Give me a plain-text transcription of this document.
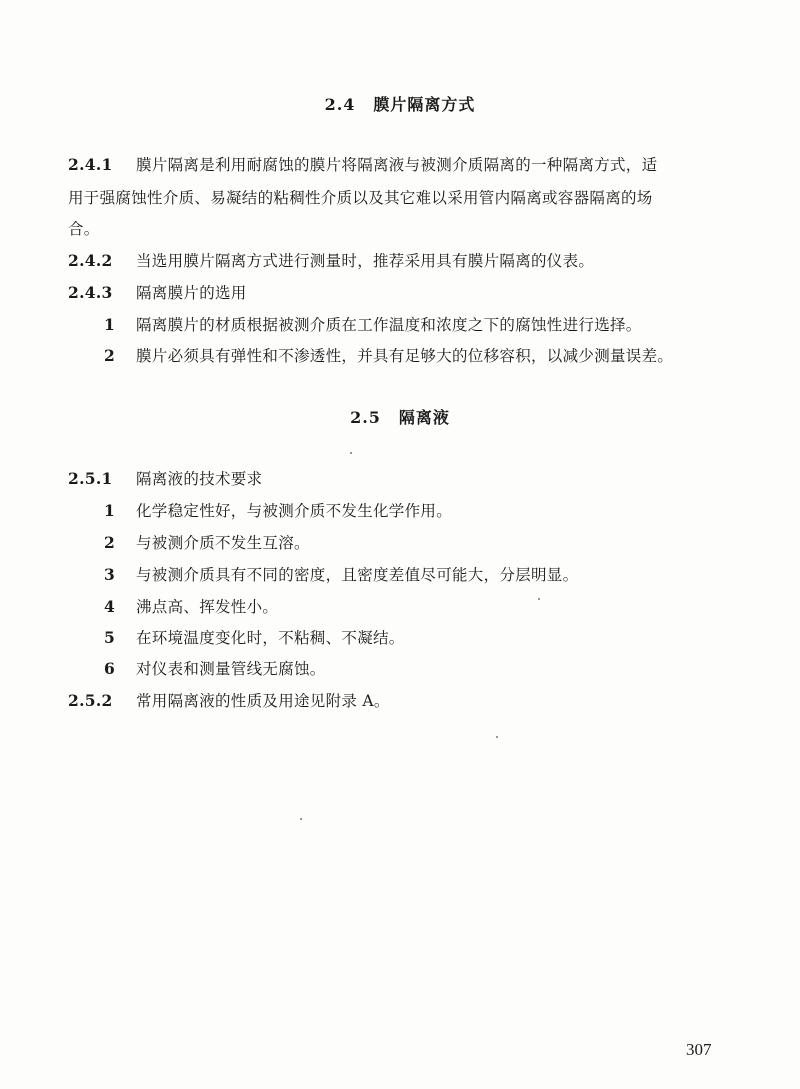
2.4 膜片隔离方式
2.4.1 膜片隔离是利用耐腐蚀的膜片将隔离液与被测介质隔离的一种隔离方式，适
用于强腐蚀性介质、易凝结的粘稠性介质以及其它难以采用管内隔离或容器隔离的场
合。
2.4.2 当选用膜片隔离方式进行测量时，推荐采用具有膜片隔离的仪表。
2.4.3 隔离膜片的选用
1 隔离膜片的材质根据被测介质在工作温度和浓度之下的腐蚀性进行选择。
2 膜片必须具有弹性和不渗透性，并具有足够大的位移容积，以减少测量误差。
2.5 隔离液
2.5.1 隔离液的技术要求
1 化学稳定性好，与被测介质不发生化学作用。
2 与被测介质不发生互溶。
3 与被测介质具有不同的密度，且密度差值尽可能大，分层明显。
4 沸点高、挥发性小。
5 在环境温度变化时，不粘稠、不凝结。
6 对仪表和测量管线无腐蚀。
2.5.2 常用隔离液的性质及用途见附录 A。
307
